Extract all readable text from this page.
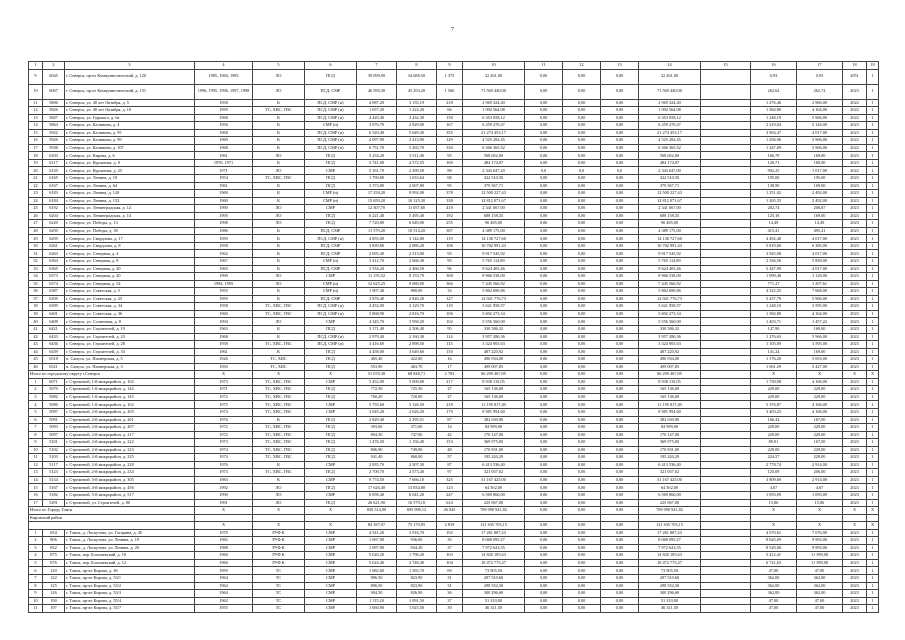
7
1	2	3	4	5	6	7	8	9	10	11	12	13	14	15	16	17	18	19
9	6045	г. Северск, пр-кт Коммунистический, д. 120	1985, 1984, 1983	ЛО	ПСД	39 099,90	34 688,50	1 375	32 261,00	0,00	0,00	0,00	32 261,00		0,93	0,93	2051	1
10	6067	г. Северск, пр-кт Коммунистический, д. 151	1996, 1995, 1996, 1997, 1998	ЛО	ПСД, СМР	46 590,30	45 293,20	1 566	71 569 440,00	0,00	0,00	0,00	71 569 440,00		262,62	262,72	2023	1
11	5806	г. Северск, ул. 40 лет Октября, д. 5	1958	К	ПСД, СМР (и)	4 087,20	3 155,19	218	2 969 324,40	0,00	0,00	0,00	2 969 324,40		1 276,46	2 966,00	2022	1
12	5826	г. Северск, ул. 40 лет Октября, д. 10	1959	ТС, ХВС, ГВС	ПСД, СМР (и)	1 657,20	1 222,20	66	1 092 564,08	0,00	0,00	0,00	1 092 564,08		1 384,80	4 164,00	2022	1
13	5847	г. Северск, ул. Горького, д. 6а	1968	К	ПСД, СМР (и)	4 420,40	3 432,30	150	6 353 958,12	0,00	0,00	0,00	6 353 958,12		1 248,19	5 966,00	2022	1
14	5864	г. Северск, ул. Калинина, д. 4	1956	К	СМР (и)	3 876,70	2 829,00	167	6 259 270,47	0,00	0,00	0,00	6 259 270,47		2 219,04	5 144,00	2023	1
15	5922	г. Северск, ул. Калинина, д. 95	1968	К	ПСД, СМР (и)	6 520,40	5 649,30	355	21 274 453,17	0,00	0,00	0,00	21 274 453,17		3 904,47	4 017,00	2023	1
16	5926	г. Северск, ул. Калинина, д. 99	1969	К	ПСД, СМР (и)	4 097,90	3 413,90	129	4 525 282,45	0,00	0,00	0,00	4 525 282,45		1 256,96	5 966,00	2022	1
17	5938	г. Северск, ул. Калинина, д. 107	1968	К	ПСД, СМР (и)	6 751,70	5 265,70	330	6 566 365,52	0,00	0,00	0,00	6 566 365,52		1 247,09	5 966,00	2022	1
18	6103	г. Северск, ул. Кирова, д. 6	1961	ЛО	ПСД	5 234,20	3 511,40	95	568 652,00	0,00	0,00	0,00	568 652,00		166,79	169,00	2023	1
19	6117	г. Северск, ул. Курчатова, д. 8	1970, 1971	К	ПСД	5 741,00	4 572,55	169	484 174,87	0,00	0,00	0,00	484 174,87		120,71	169,00	2023	1
20	6120	г. Северск, ул. Курчатова, д. 25	1971	ЛО	СМР	5 161,70	2 399,50	88	2 343 647,20	0,0	0,0	0,0	2 343 647,00		992,25	1 017,00	2022	1
21	6165	г. Северск, ул. Ленина, д. 18	1954	ТС, ХВС, ГВС	ПСД	1 790,80	1 653,64	68	322 510,50	0,00	0,00	0,00	322 510,50		195,00	195,00	2023	1
22	6167	г. Северск, ул. Ленина, д. 64	1961	К	ПСД	3 373,80	2 607,80	95	379 567,71	0,00	0,00	0,00	379 567,71		138,90	169,00	2023	1
23	6183	г. Северск, ул. Ленина, д. 120	1969	К	СМР (и)	17 250,20	9 992,00	378	12 500 227,43	0,00	0,00	0,00	12 500 227,43		1 251,02	2 492,00	2023	1
24	6184	г. Северск, ул. Ленина, д. 132	1969	К	СМР (и)	15 659,20	10 125,30	338	12 812 071,67	0,00	0,00	0,00	12 812 071,67		1 265,35	2 492,00	2023	1
25	6192	г. Северск, ул. Ленинградская, д. 12	1990	ЛО	СМР	12 307,70	11 057,60	418	2 341 667,00	0,00	0,00	0,00	2 341 667,00		202,74	206,87	2023	1
26	6204	г. Северск, ул. Ленинградская, д. 14	1995	ЛО	ПСД	6 221,40	5 495,40	192	688 158,35	0,00	0,00	0,00	688 158,35		125,18	169,00	2023	1
27	6220	г. Северск, ул. Победы, д. 13	1998	ЛО	ПСД	7 720,80	6 649,00	255	96 485,00	0,00	0,00	0,00	96 485,00		14,49	14,49	2023	1
28	6250	г. Северск, ул. Победы, д. 30	1986	К	ПСД, СМР	11 579,20	10 514,20	387	4 389 175,00	0,00	0,00	0,00	4 389 175,00		415,41	495,41	2023	1
29	6259	г. Северск, ул. Свердлова, д. 17	1959	К	ПСД, СМР (и)	4 855,00	3 142,80	119	14 138 727,60	0,00	0,00	0,00	14 138 727,60		4 492,40	4 017,00	2023	1
30	6261	г. Северск, ул. Свердлова, д. 8	1958	К	ПСД, СМР	3 839,80	2 886,20	106	16 782 991,43	0,00	0,00	0,00	16 782 991,43		5 819,60	6 385,00	2023	1
31	6263	г. Северск, ул. Северная, д. 4	1962	К	ПСД, СМР	2 695,40	2 513,00	95	9 917 545,92	0,00	0,00	0,00	9 917 545,92		3 945,08	4 017,00	2023	1
32	6364	г. Северск, ул. Северная, д. 8	1967	К	СМР (и)	3 412,70	2 666,30	95	5 765 114,89	0,00	0,00	0,00	5 765 114,89		2 336,56	5 858,00	2023	1
33	6365	г. Северск, ул. Северная, д. 20	1965	К	ПСД, СМР	3 554,20	2 466,50	96	9 624 405,46	0,00	0,00	0,00	9 624 405,46		5 447,99	4 017,00	2023	1
34	6373	г. Северск, ул. Северная, д. 20	1990	ЛО	СМР	11 155,52	8 153,70	308	8 966 538,00	0,00	0,00	0,00	8 966 538,00		1 099,48	1 129,00	2023	1
35	6374	г. Северск, ул. Северная, д. 54	1994, 1995	ЛО	СМР (и)	12 625,25	9 680,00	366	7 445 566,92	0,00	0,00	0,00	7 445 566,92		771,27	1 297,61	2023	1
36	6387	г. Северск, ул. Советская, д. 5	1955	К	СМР (и)	1 907,40	880,00	33	5 862 690,86	0,00	0,00	0,00	5 862 690,86		4 522,25	7 668,00	2023	1
37	6395	г. Северск, ул. Советская, д. 25	1959	К	ПСД, СМР	3 876,40	2 820,20	127	14 921 776,73	0,00	0,00	0,00	14 921 776,73		5 257,79	5 966,00	2023	1
38	6399	г. Северск, ул. Советская, д. 34	1958	ТС, ХВС, ГВС	ПСД, СМР (и)	4 452,00	3 129,70	118	3 621 958,57	0,00	0,00	0,00	3 621 958,57		1 248,10	3 595,00	2023	1
39	6401	г. Северск, ул. Советская, д. 36	1960	ТС, ХВС, ГВС	ПСД, СМР (и)	3 868,90	2 816,70	106	5 692 273,34	0,00	0,00	0,00	5 692 273,34		1 384,80	4 164,00	2023	1
40	6408	г. Северск, ул. Солнечная, д. 8	1994	ЛО	СМР	4 345,70	3 958,20	102	5 556 360,00	0,00	0,00	0,00	5 556 360,00		1 403,71	1 457,22	2023	1
41	6421	г. Северск, ул. Строителей, д. 19	1963	К	ПСД	3 171,40	2 506,40	95	330 586,32	0,00	0,00	0,00	330 586,32		147,90	169,00	2023	1
42	6433	г. Северск, ул. Строителей, д. 23	1968	К	ПСД, СМР (и)	2 979,40	2 160,30	114	3 957 286,36	0,00	0,00	0,00	3 957 286,36		1 276,63	5 966,00	2022	1
43	6436	г. Северск, ул. Строителей, д. 28	1958	ТС, ХВС, ГВС	ПСД, СМР (и)	3 416,60	2 898,50	115	3 324 965,63	0,00	0,00	0,00	3 324 965,63		1 105,00	3 595,00	2023	1
44	6439	г. Северск, ул. Строителей, д. 33	1961	К	ПСД	4 458,00	3 649,60	150	487 220,92	0,00	0,00	0,00	487 220,92		141,24	169,00	2023	1
45	6518	п. Самусь, ул. Пионерская, д. 5	1926	ТС, ХВС	ПСД	465,40	422,00	16	496 934,00	0,00	0,00	0,00	496 934,00		1 176,20	5 693,00	2023	1
46	6521	п. Самусь, ул. Пионерская, д. 3	1950	ТС, ХВС	ПСД	553,90	463,70	17	499 007,85	0,00	0,00	0,00	499 007,85		1 061,29	5 427,00	2023	1
Итого по городскому округу г.Северск			X	X	X	51 070,38	68 848,71	2 783	66 209 467,85	0,00	0,00	0,00	66 209 467,85		X	X	X	X
1	6071	г. Стрежевой, 1-й микрорайон, д. 102	1973	ТС, ХВС, ГВС	СМР	5 452,00	5 000,00	217	8 938 110,05	0,00	0,00	0,00	8 938 110,05		1 730,08	4 166,00	2023	1
2	5079	г. Стрежевой, 1-й микрорайон, д. 142	1971	ТС, ХВС, ГВС	ПСД	772,50	725,50	27	165 136,00	0,00	0,00	0,00	165 136,00		229,00	229,00	2023	1
3	5082	г. Стрежевой, 1-й микрорайон, д. 145	1972	ТС, ХВС, ГВС	ПСД	760,20	720,00	27	165 136,00	0,00	0,00	0,00	165 136,00		229,00	229,00	2023	1
4	5086	г. Стрежевой, 1-й микрорайон, д. 162	1975	ТС, ХВС, ГВС	СМР	5 755,60	5 126,50	218	11 195 817,49	0,00	0,00	0,00	11 195 817,49		5 376,87	4 166,00	2023	1
5	5097	г. Стрежевой, 2-й микрорайон, д. 205	1974	ТС, ХВС, ГВС	СМР	3 045,20	2 626,20	179	8 981 994,60	0,00	0,00	0,00	8 981 994,60		3 403,25	4 166,00	2023	1
6	5091	г. Стрежевой, 2-й микрорайон, д. 201	1976	К	ПСД	2 829,40	2 295,51	87	382 030,00	0,00	0,00	0,00	382 030,00		166,44	167,00	2023	1
7	5093	г. Стрежевой, 2-й микрорайон, д. 207	1972	ТС, ХВС, ГВС	ПСД	393,60	371,00	14	84 999,00	0,00	0,00	0,00	84 999,00		229,00	229,00	2023	1
8	5097	г. Стрежевой, 2-й микрорайон, д. 217	1972	ТС, ХВС, ГВС	ПСД	804,50	747,00	42	170 147,00	0,00	0,00	0,00	170 147,00		229,00	229,00	2023	1
9	5101	г. Стрежевой, 2-й микрорайон, д. 222	1973	ТС, ХВС, ГВС	ПСД	1 476,50	1 156,40	153	369 975,00	0,00	0,00	0,00	369 975,00		89,01	167,00	2023	1
10	5102	г. Стрежевой, 2-й микрорайон, д. 223	1974	ТС, ХВС, ГВС	ПСД	806,90	749,00	48	170 831,00	0,00	0,00	0,00	170 831,00		229,00	229,00	2023	1
11	5103	г. Стрежевой, 2-й микрорайон, д. 225	1974	ТС, ХВС, ГВС	ПСД	941,40	860,00	57	195 220,29	0,00	0,00	0,00	195 220,29		224,57	229,00	2023	1
12	5117	г. Стрежевой, 2-й микрорайон, д. 228	1976	К	СМР	2 835,70	2 507,30	87	6 413 536,40	0,00	0,00	0,00	6 413 536,40		2 778,74	2 914,00	2023	1
13	5123	г. Стрежевой, 2-й микрорайон, д. 234	1973	ТС, ХВС, ГВС	ПСД	2 700,70	2 573,40	97	321 057,02	0,00	0,00	0,00	321 057,02		125,09	206,00	2023	1
14	5134	г. Стрежевой, 3-й микрорайон, д. 305	1983	К	СМР	9 774,50	7 666,10	325	31 167 425,00	0,00	0,00	0,00	31 167 425,00		3 809,69	2 914,00	2023	1
15	5167	г. Стрежевой, 4-й микрорайон, д. 456	1992	ЛО	ПСД	17 626,40	13 834,80	125	64 562,00	0,00	0,00	0,00	64 562,00		4,67	4,67	2023	1
16	5182	г. Стрежевой, 5-й микрорайон, д. 517	1990	ЛО	СМР	6 858,40	6 041,20	247	6 569 860,00	0,00	0,00	0,00	6 569 860,00		1 093,09	1 093,09	2023	1
17	5291	г. Стрежевой, ул. Строителей, д. 80	1991	ЛО	ПСД	26 621,90	16 579,10	614	225 967,00	0,00	0,00	0,00	225 967,00		15,86	15,86	2023	1
Итого по Городу Томск			X	X	X	830 514,90	695 996,12	26 045	709 090 941,82	0,00	0,00	0,00	709 090 941,82		X	X	X	X
Кировский район																		
			X	X	X	84 187,07	75 179,85	2 819	121 635 703,15	0,00	0,00	0,00	121 635 703,15		X	X	X	X
1	654	г. Томск, д. Лоскутово, ул. Гагарина, д. 45	1979	РУФ К	СМР	4 541,20	3 916,70	192	17 261 887,23	0,00	0,00	0,00	17 261 887,23		4 570,61	7 076,00	2023	1
2	806	г. Томск, д. Лоскутово, ул. Ленина, д. 19	1982	РУФ К	СМР	1 067,90	936,00	35	8 068 095,27	0,00	0,00	0,00	8 068 095,27		8 625,09	9 993,00	2023	1
3	832	г. Томск, д. Лоскутово, ул. Ленина, д. 20	1988	РУФ К	СМР	1 097,90	934,30	37	7 972 623,55	0,00	0,00	0,00	7 972 623,55		8 529,00	9 993,00	2023	1
4	875	г. Томск, пер. Богашевский, д. 10	1960	РУФ К	СМР	5 020,20	1 796,20	103	14 820 185,63	0,00	0,00	0,00	14 820 185,63		5 412,41	11 399,00	2023	1
5	876	г. Томск, пер. Богашевский, д. 12	1960	РУФ К	СМР	5 024,40	2 748,40	104	18 472 775,47	0,00	0,00	0,00	18 472 775,47		6 721,63	11 399,00	2023	1
6	120	г. Томск, пр-кт Кирова, д. 46	1959	ТС	СМР	1 682,60	1 565,70	69	73 905,50	0,00	0,00	0,00	73 905,50		47,00	47,00	2023	1
7	122	г. Томск, пр-кт Кирова, д. 53/1	1964	ТС	СМР	896,50	823,90	31	297 510,60	0,00	0,00	0,00	297 510,60		362,00	362,00	2023	1
8	125	г. Томск, пр-кт Кирова, д. 53/2	1964	ТС	СМР	896,50	823,90	31	298 552,30	0,00	0,00	0,00	298 552,30		362,00	362,00	2023	1
9	126	г. Томск, пр-кт Кирова, д. 53/3	1964	ТС	СМР	904,50	826,90	36	300 296,60	0,00	0,00	0,00	300 296,60		362,00	362,00	2023	1
10	190	г. Томск, пр-кт Кирова, д. 55/4	1962	ТС	СМР	1 115,20	1 091,50	37	51 310,00	0,00	0,00	0,00	51 310,00		47,00	47,00	2023	1
11	197	г. Томск, пр-кт Кирова, д. 55/7	1955	ТС	СМР	1 060,90	1 025,50	39	46 311,50	0,00	0,00	0,00	46 311,50		47,00	47,00	2023	1
